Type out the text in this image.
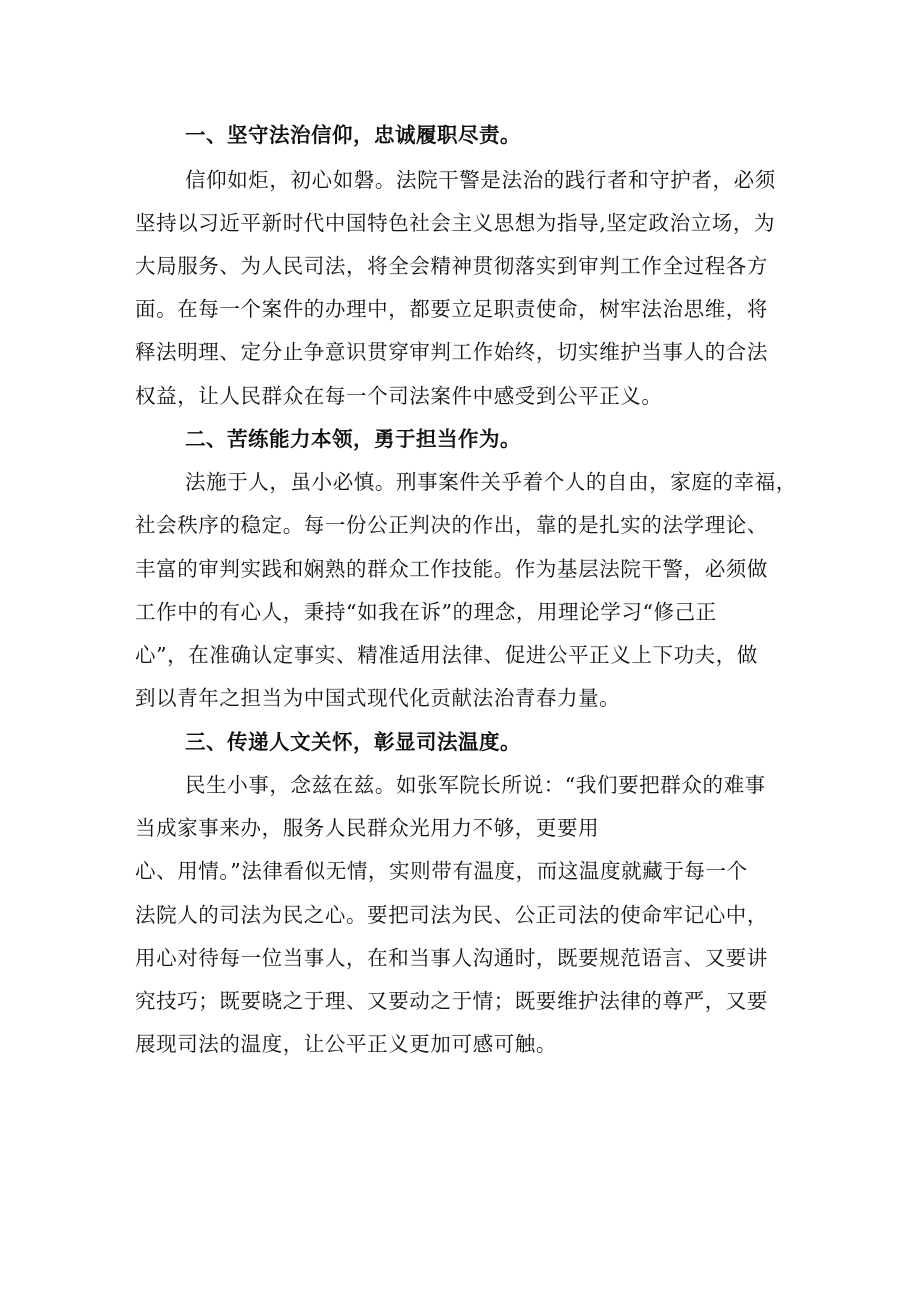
一、坚守法治信仰，忠诚履职尽责。
信仰如炬，初心如磐。法院干警是法治的践行者和守护者，必须
坚持以习近平新时代中国特色社会主义思想为指导,坚定政治立场，为
大局服务、为人民司法，将全会精神贯彻落实到审判工作全过程各方
面。在每一个案件的办理中，都要立足职责使命，树牢法治思维，将
释法明理、定分止争意识贯穿审判工作始终，切实维护当事人的合法
权益，让人民群众在每一个司法案件中感受到公平正义。
二、苦练能力本领，勇于担当作为。
法施于人，虽小必慎。刑事案件关乎着个人的自由，家庭的幸福，
社会秩序的稳定。每一份公正判决的作出，靠的是扎实的法学理论、
丰富的审判实践和娴熟的群众工作技能。作为基层法院干警，必须做
工作中的有心人，秉持“如我在诉”的理念，用理论学习“修己正
心”，在准确认定事实、精准适用法律、促进公平正义上下功夫，做
到以青年之担当为中国式现代化贡献法治青春力量。
三、传递人文关怀，彰显司法温度。
民生小事，念兹在兹。如张军院长所说：“我们要把群众的难事
当成家事来办，服务人民群众光用力不够，更要用
心、用情。”法律看似无情，实则带有温度，而这温度就藏于每一个
法院人的司法为民之心。要把司法为民、公正司法的使命牢记心中，
用心对待每一位当事人，在和当事人沟通时，既要规范语言、又要讲
究技巧；既要晓之于理、又要动之于情；既要维护法律的尊严，又要
展现司法的温度，让公平正义更加可感可触。
